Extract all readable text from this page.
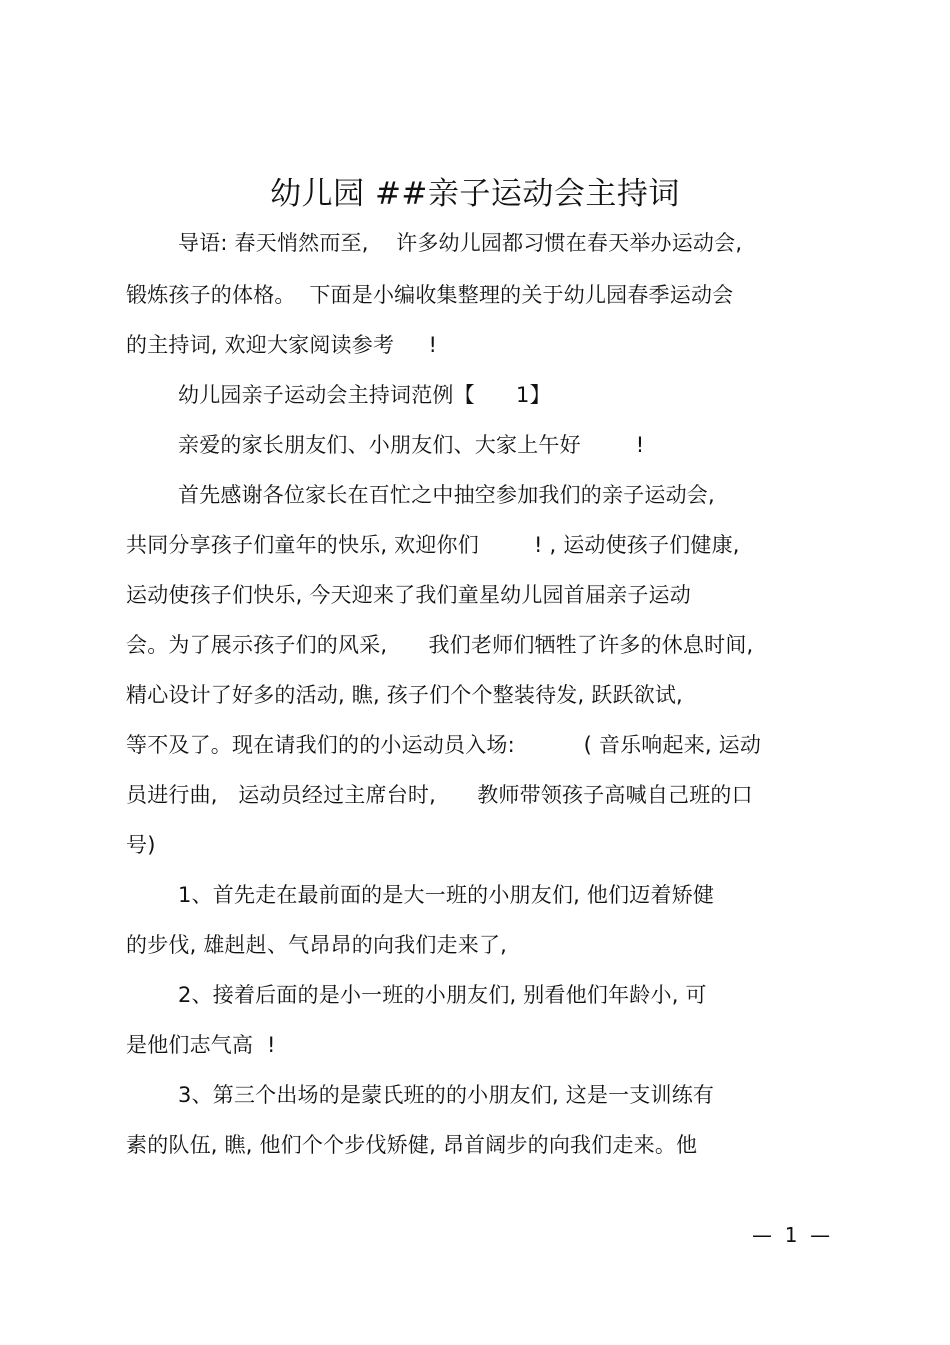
幼儿园 ##亲子运动会主持词
导语: 春天悄然而至,    许多幼儿园都习惯在春天举办运动会,
锻炼孩子的体格。  下面是小编收集整理的关于幼儿园春季运动会
的主持词, 欢迎大家阅读参考     !
幼儿园亲子运动会主持词范例【      1】
亲爱的家长朋友们、小朋友们、大家上午好        !
首先感谢各位家长在百忙之中抽空参加我们的亲子运动会,
共同分享孩子们童年的快乐, 欢迎你们        ! , 运动使孩子们健康,
运动使孩子们快乐, 今天迎来了我们童星幼儿园首届亲子运动
会。为了展示孩子们的风采,      我们老师们牺牲了许多的休息时间,
精心设计了好多的活动, 瞧, 孩子们个个整装待发, 跃跃欲试,
等不及了。现在请我们的的小运动员入场:          ( 音乐响起来, 运动
员进行曲,   运动员经过主席台时,      教师带领孩子高喊自己班的口
号)
1、首先走在最前面的是大一班的小朋友们, 他们迈着矫健
的步伐, 雄赳赳、气昂昂的向我们走来了,
2、接着后面的是小一班的小朋友们, 别看他们年龄小, 可
是他们志气高  !
3、第三个出场的是蒙氏班的的小朋友们, 这是一支训练有
素的队伍, 瞧, 他们个个步伐矫健, 昂首阔步的向我们走来。他
—  1  —
